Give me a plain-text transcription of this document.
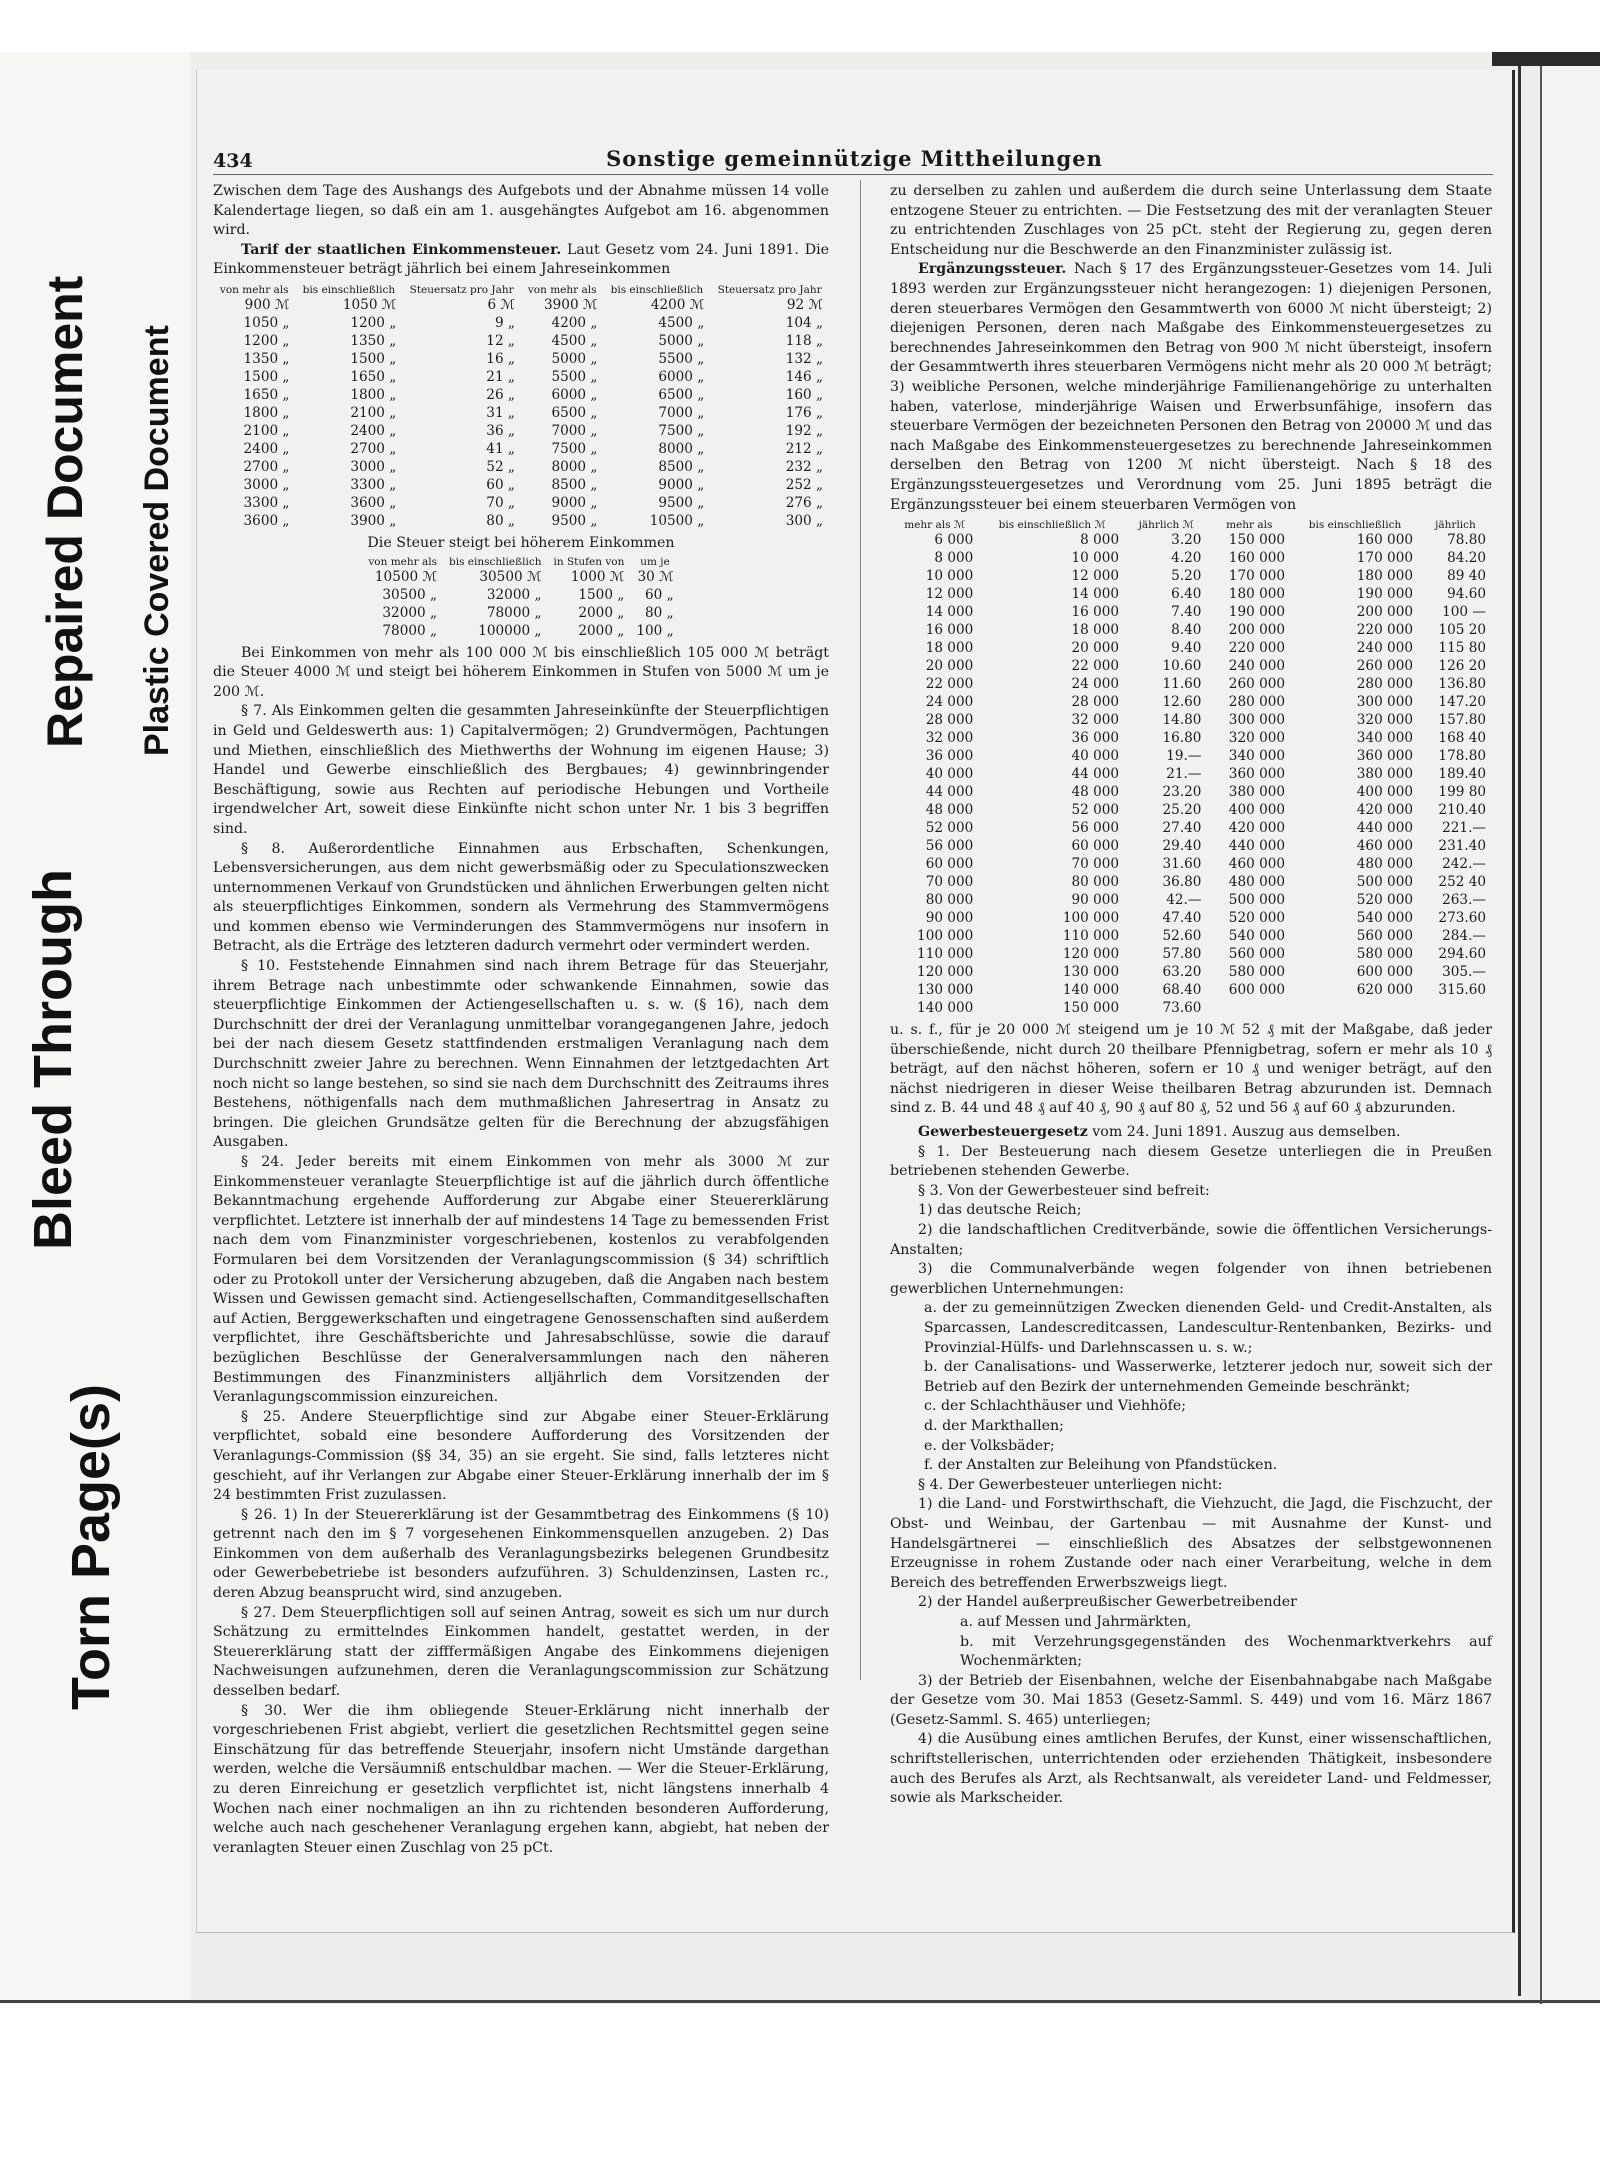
Torn Page(s)
Bleed Through
Repaired Document Plastic Covered Document
434	Sonstige gemeinnützige Mittheilungen

Zwischen dem Tage des Aushangs des Aufgebots und der Abnahme müssen 14 volle Kalendertage liegen, so daß ein am 1. ausgehängtes Aufgebot am 16. abgenommen wird.

Tarif der staatlichen Einkommensteuer. Laut Gesetz vom 24. Juni 1891. Die Einkommensteuer beträgt jährlich bei einem Jahreseinkommen

von mehr als	bis einschließlich	Steuersatz pro Jahr	von mehr als	bis einschließlich	Steuersatz pro Jahr
900 ℳ	1050 ℳ	6 ℳ	3900 ℳ	4200 ℳ	92 ℳ
1050 „	1200 „	9 „	4200 „	4500 „	104 „
1200 „	1350 „	12 „	4500 „	5000 „	118 „
1350 „	1500 „	16 „	5000 „	5500 „	132 „
1500 „	1650 „	21 „	5500 „	6000 „	146 „
1650 „	1800 „	26 „	6000 „	6500 „	160 „
1800 „	2100 „	31 „	6500 „	7000 „	176 „
2100 „	2400 „	36 „	7000 „	7500 „	192 „
2400 „	2700 „	41 „	7500 „	8000 „	212 „
2700 „	3000 „	52 „	8000 „	8500 „	232 „
3000 „	3300 „	60 „	8500 „	9000 „	252 „
3300 „	3600 „	70 „	9000 „	9500 „	276 „
3600 „	3900 „	80 „	9500 „	10500 „	300 „
Die Steuer steigt bei höherem Einkommen
von mehr als	bis einschließlich	in Stufen von	um je
10500 ℳ	30500 ℳ	1000 ℳ	30 ℳ
30500 „	32000 „	1500 „	60 „
32000 „	78000 „	2000 „	80 „
78000 „	100000 „	2000 „	100 „

Bei Einkommen von mehr als 100 000 ℳ bis einschließlich 105 000 ℳ beträgt die Steuer 4000 ℳ und steigt bei höherem Einkommen in Stufen von 5000 ℳ um je 200 ℳ.

§ 7. Als Einkommen gelten die gesammten Jahreseinkünfte der Steuerpflichtigen in Geld und Geldeswerth aus: 1) Capitalvermögen; 2) Grundvermögen, Pachtungen und Miethen, einschließlich des Miethwerths der Wohnung im eigenen Hause; 3) Handel und Gewerbe einschließlich des Bergbaues; 4) gewinnbringender Beschäftigung, sowie aus Rechten auf periodische Hebungen und Vortheile irgendwelcher Art, soweit diese Einkünfte nicht schon unter Nr. 1 bis 3 begriffen sind.

§ 8. Außerordentliche Einnahmen aus Erbschaften, Schenkungen, Lebensversicherungen, aus dem nicht gewerbsmäßig oder zu Speculationszwecken unternommenen Verkauf von Grundstücken und ähnlichen Erwerbungen gelten nicht als steuerpflichtiges Einkommen, sondern als Vermehrung des Stammvermögens und kommen ebenso wie Verminderungen des Stammvermögens nur insofern in Betracht, als die Erträge des letzteren dadurch vermehrt oder vermindert werden.

§ 10. Feststehende Einnahmen sind nach ihrem Betrage für das Steuerjahr, ihrem Betrage nach unbestimmte oder schwankende Einnahmen, sowie das steuerpflichtige Einkommen der Actiengesellschaften u. s. w. (§ 16), nach dem Durchschnitt der drei der Veranlagung unmittelbar vorangegangenen Jahre, jedoch bei der nach diesem Gesetz stattfindenden erstmaligen Veranlagung nach dem Durchschnitt zweier Jahre zu berechnen. Wenn Einnahmen der letztgedachten Art noch nicht so lange bestehen, so sind sie nach dem Durchschnitt des Zeitraums ihres Bestehens, nöthigenfalls nach dem muthmaßlichen Jahresertrag in Ansatz zu bringen. Die gleichen Grundsätze gelten für die Berechnung der abzugsfähigen Ausgaben.

§ 24. Jeder bereits mit einem Einkommen von mehr als 3000 ℳ zur Einkommensteuer veranlagte Steuerpflichtige ist auf die jährlich durch öffentliche Bekanntmachung ergehende Aufforderung zur Abgabe einer Steuererklärung verpflichtet. Letztere ist innerhalb der auf mindestens 14 Tage zu bemessenden Frist nach dem vom Finanzminister vorgeschriebenen, kostenlos zu verabfolgenden Formularen bei dem Vorsitzenden der Veranlagungscommission (§ 34) schriftlich oder zu Protokoll unter der Versicherung abzugeben, daß die Angaben nach bestem Wissen und Gewissen gemacht sind. Actiengesellschaften, Commanditgesellschaften auf Actien, Berggewerkschaften und eingetragene Genossenschaften sind außerdem verpflichtet, ihre Geschäftsberichte und Jahresabschlüsse, sowie die darauf bezüglichen Beschlüsse der Generalversammlungen nach den näheren Bestimmungen des Finanzministers alljährlich dem Vorsitzenden der Veranlagungscommission einzureichen.

§ 25. Andere Steuerpflichtige sind zur Abgabe einer Steuer-Erklärung verpflichtet, sobald eine besondere Aufforderung des Vorsitzenden der Veranlagungs-Commission (§§ 34, 35) an sie ergeht. Sie sind, falls letzteres nicht geschieht, auf ihr Verlangen zur Abgabe einer Steuer-Erklärung innerhalb der im § 24 bestimmten Frist zuzulassen.

§ 26. 1) In der Steuererklärung ist der Gesammtbetrag des Einkommens (§ 10) getrennt nach den im § 7 vorgesehenen Einkommensquellen anzugeben. 2) Das Einkommen von dem außerhalb des Veranlagungsbezirks belegenen Grundbesitz oder Gewerbebetriebe ist besonders aufzuführen. 3) Schuldenzinsen, Lasten rc., deren Abzug beansprucht wird, sind anzugeben.

§ 27. Dem Steuerpflichtigen soll auf seinen Antrag, soweit es sich um nur durch Schätzung zu ermittelndes Einkommen handelt, gestattet werden, in der Steuererklärung statt der zifffermäßigen Angabe des Einkommens diejenigen Nachweisungen aufzunehmen, deren die Veranlagungscommission zur Schätzung desselben bedarf.

§ 30. Wer die ihm obliegende Steuer-Erklärung nicht innerhalb der vorgeschriebenen Frist abgiebt, verliert die gesetzlichen Rechtsmittel gegen seine Einschätzung für das betreffende Steuerjahr, insofern nicht Umstände dargethan werden, welche die Versäumniß entschuldbar machen. — Wer die Steuer-Erklärung, zu deren Einreichung er gesetzlich verpflichtet ist, nicht längstens innerhalb 4 Wochen nach einer nochmaligen an ihn zu richtenden besonderen Aufforderung, welche auch nach geschehener Veranlagung ergehen kann, abgiebt, hat neben der veranlagten Steuer einen Zuschlag von 25 pCt.

zu derselben zu zahlen und außerdem die durch seine Unterlassung dem Staate entzogene Steuer zu entrichten. — Die Festsetzung des mit der veranlagten Steuer zu entrichtenden Zuschlages von 25 pCt. steht der Regierung zu, gegen deren Entscheidung nur die Beschwerde an den Finanzminister zulässig ist.

Ergänzungssteuer. Nach § 17 des Ergänzungssteuer-Gesetzes vom 14. Juli 1893 werden zur Ergänzungssteuer nicht herangezogen: 1) diejenigen Personen, deren steuerbares Vermögen den Gesammtwerth von 6000 ℳ nicht übersteigt; 2) diejenigen Personen, deren nach Maßgabe des Einkommensteuergesetzes zu berechnendes Jahreseinkommen den Betrag von 900 ℳ nicht übersteigt, insofern der Gesammtwerth ihres steuerbaren Vermögens nicht mehr als 20 000 ℳ beträgt; 3) weibliche Personen, welche minderjährige Familienangehörige zu unterhalten haben, vaterlose, minderjährige Waisen und Erwerbsunfähige, insofern das steuerbare Vermögen der bezeichneten Personen den Betrag von 20000 ℳ und das nach Maßgabe des Einkommensteuergesetzes zu berechnende Jahreseinkommen derselben den Betrag von 1200 ℳ nicht übersteigt. Nach § 18 des Ergänzungssteuergesetzes und Verordnung vom 25. Juni 1895 beträgt die Ergänzungssteuer bei einem steuerbaren Vermögen von

mehr als ℳ	bis einschließlich ℳ	jährlich ℳ	mehr als	bis einschließlich	jährlich
6 000	8 000	3.20	150 000	160 000	78.80
8 000	10 000	4.20	160 000	170 000	84.20
10 000	12 000	5.20	170 000	180 000	89 40
12 000	14 000	6.40	180 000	190 000	94.60
14 000	16 000	7.40	190 000	200 000	100 —
16 000	18 000	8.40	200 000	220 000	105 20
18 000	20 000	9.40	220 000	240 000	115 80
20 000	22 000	10.60	240 000	260 000	126 20
22 000	24 000	11.60	260 000	280 000	136.80
24 000	28 000	12.60	280 000	300 000	147.20
28 000	32 000	14.80	300 000	320 000	157.80
32 000	36 000	16.80	320 000	340 000	168 40
36 000	40 000	19.—	340 000	360 000	178.80
40 000	44 000	21.—	360 000	380 000	189.40
44 000	48 000	23.20	380 000	400 000	199 80
48 000	52 000	25.20	400 000	420 000	210.40
52 000	56 000	27.40	420 000	440 000	221.—
56 000	60 000	29.40	440 000	460 000	231.40
60 000	70 000	31.60	460 000	480 000	242.—
70 000	80 000	36.80	480 000	500 000	252 40
80 000	90 000	42.—	500 000	520 000	263.—
90 000	100 000	47.40	520 000	540 000	273.60
100 000	110 000	52.60	540 000	560 000	284.—
110 000	120 000	57.80	560 000	580 000	294.60
120 000	130 000	63.20	580 000	600 000	305.—
130 000	140 000	68.40	600 000	620 000	315.60
140 000	150 000	73.60			

u. s. f., für je 20 000 ℳ steigend um je 10 ℳ 52 ₰ mit der Maßgabe, daß jeder überschießende, nicht durch 20 theilbare Pfennigbetrag, sofern er mehr als 10 ₰ beträgt, auf den nächst höheren, sofern er 10 ₰ und weniger beträgt, auf den nächst niedrigeren in dieser Weise theilbaren Betrag abzurunden ist. Demnach sind z. B. 44 und 48 ₰ auf 40 ₰, 90 ₰ auf 80 ₰, 52 und 56 ₰ auf 60 ₰ abzurunden.

Gewerbesteuergesetz vom 24. Juni 1891. Auszug aus demselben.

§ 1. Der Besteuerung nach diesem Gesetze unterliegen die in Preußen betriebenen stehenden Gewerbe.

§ 3. Von der Gewerbesteuer sind befreit:

1) das deutsche Reich;

2) die landschaftlichen Creditverbände, sowie die öffentlichen Versicherungs-Anstalten;

3) die Communalverbände wegen folgender von ihnen betriebenen gewerblichen Unternehmungen:

a. der zu gemeinnützigen Zwecken dienenden Geld- und Credit-Anstalten, als Sparcassen, Landescreditcassen, Landescultur-Rentenbanken, Bezirks- und Provinzial-Hülfs- und Darlehnscassen u. s. w.;
b. der Canalisations- und Wasserwerke, letzterer jedoch nur, soweit sich der Betrieb auf den Bezirk der unternehmenden Gemeinde beschränkt;
c. der Schlachthäuser und Viehhöfe;
d. der Markthallen;
e. der Volksbäder;
f. der Anstalten zur Beleihung von Pfandstücken.

§ 4. Der Gewerbesteuer unterliegen nicht:

1) die Land- und Forstwirthschaft, die Viehzucht, die Jagd, die Fischzucht, der Obst- und Weinbau, der Gartenbau — mit Ausnahme der Kunst- und Handelsgärtnerei — einschließlich des Absatzes der selbstgewonnenen Erzeugnisse in rohem Zustande oder nach einer Verarbeitung, welche in dem Bereich des betreffenden Erwerbszweigs liegt.

2) der Handel außerpreußischer Gewerbetreibender

a. auf Messen und Jahrmärkten,
b. mit Verzehrungsgegenständen des Wochenmarktverkehrs auf Wochenmärkten;

3) der Betrieb der Eisenbahnen, welche der Eisenbahnabgabe nach Maßgabe der Gesetze vom 30. Mai 1853 (Gesetz-Samml. S. 449) und vom 16. März 1867 (Gesetz-Samml. S. 465) unterliegen;

4) die Ausübung eines amtlichen Berufes, der Kunst, einer wissenschaftlichen, schriftstellerischen, unterrichtenden oder erziehenden Thätigkeit, insbesondere auch des Berufes als Arzt, als Rechtsanwalt, als vereideter Land- und Feldmesser, sowie als Markscheider.
